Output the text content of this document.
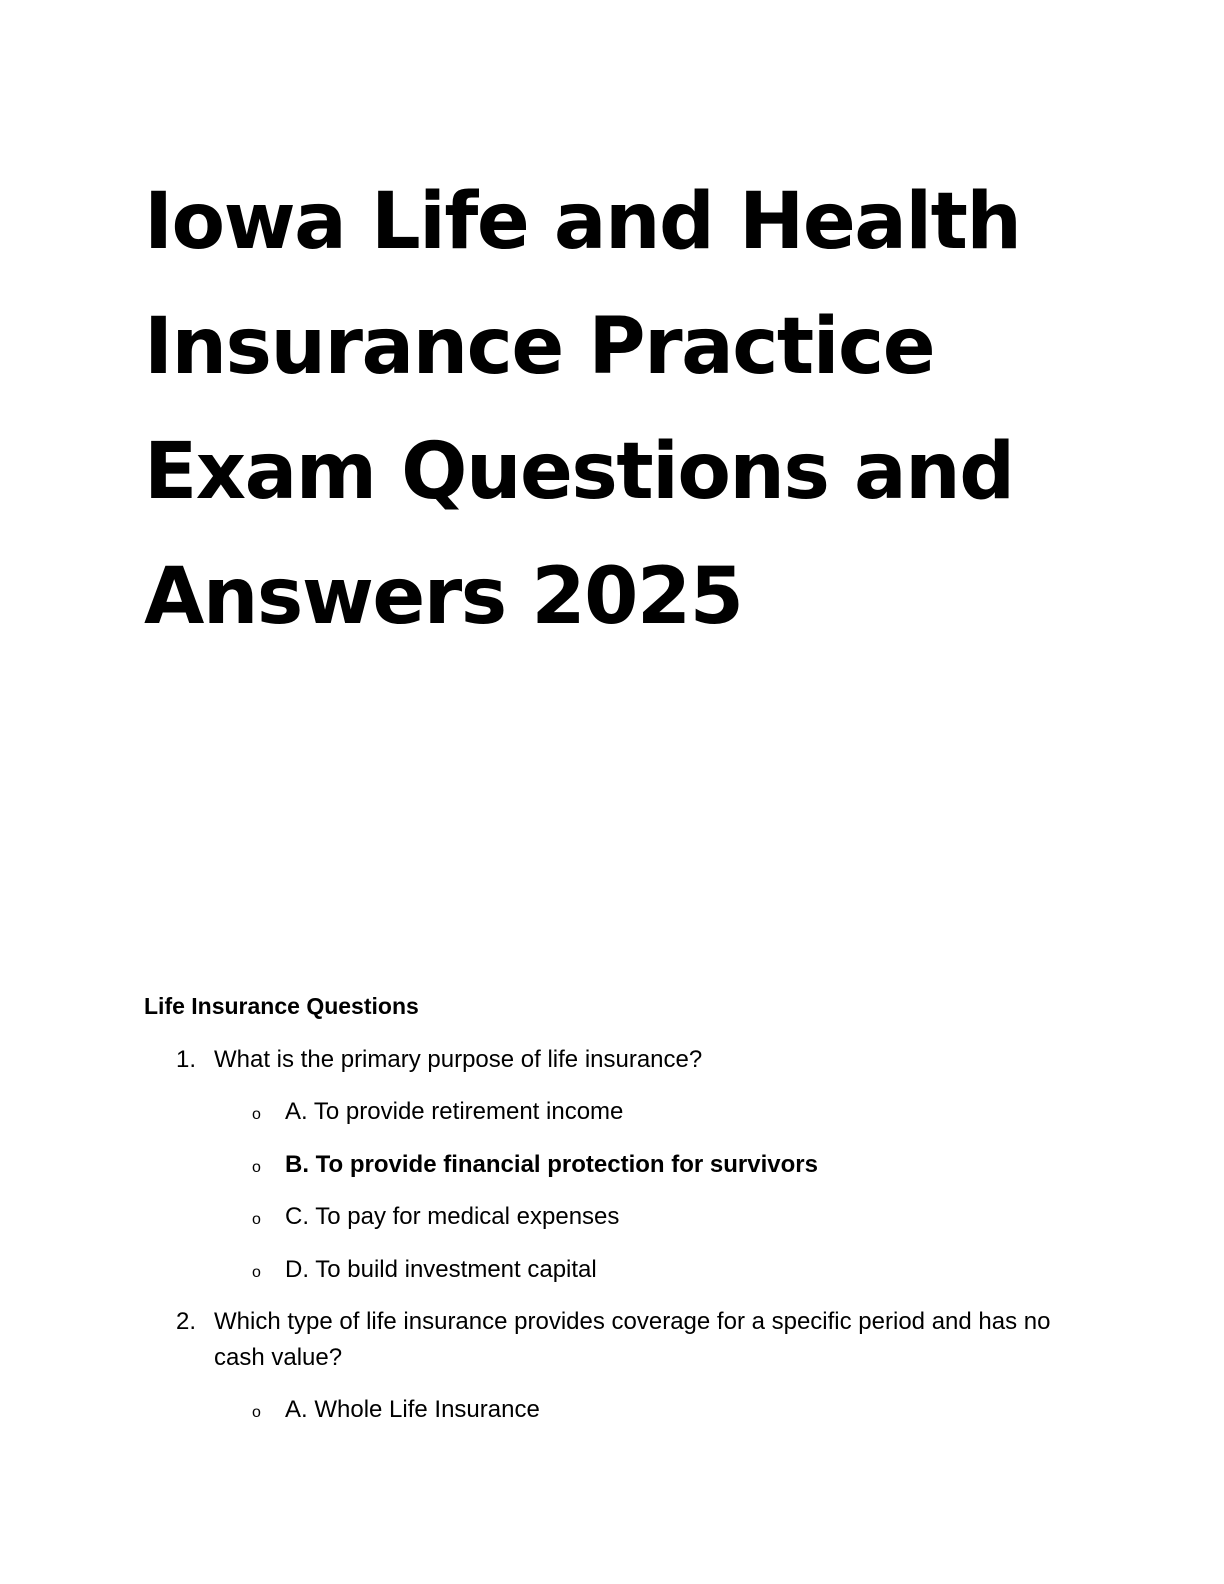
Iowa Life and Health
Insurance Practice
Exam Questions and
Answers 2025
Life Insurance Questions
1. What is the primary purpose of life insurance?
o A. To provide retirement income
o B. To provide financial protection for survivors
o C. To pay for medical expenses
o D. To build investment capital
2. Which type of life insurance provides coverage for a specific period and has no cash value?
o A. Whole Life Insurance
